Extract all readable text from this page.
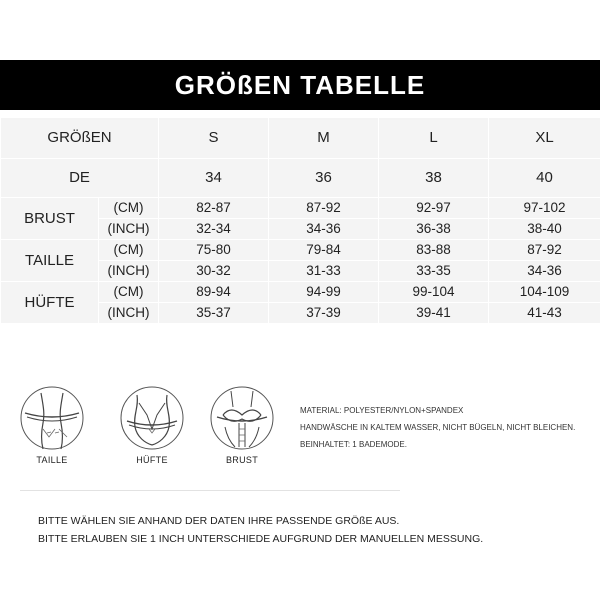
GRÖßEN TABELLE
GRÖßEN		S	M	L	XL
DE		34	36	38	40
BRUST	(CM)	82-87	87-92	92-97	97-102
	(INCH)	32-34	34-36	36-38	38-40
TAILLE	(CM)	75-80	79-84	83-88	87-92
	(INCH)	30-32	31-33	33-35	34-36
HÜFTE	(CM)	89-94	94-99	99-104	104-109
	(INCH)	35-37	37-39	39-41	41-43
TAILLE	HÜFTE	BRUST
MATERIAL: POLYESTER/NYLON+SPANDEX
HANDWÄSCHE IN KALTEM WASSER, NICHT BÜGELN, NICHT BLEICHEN.
BEINHALTET: 1 BADEMODE.
BITTE WÄHLEN SIE ANHAND DER DATEN IHRE PASSENDE GRÖßE AUS.
BITTE ERLAUBEN SIE 1 INCH UNTERSCHIEDE AUFGRUND DER MANUELLEN MESSUNG.
